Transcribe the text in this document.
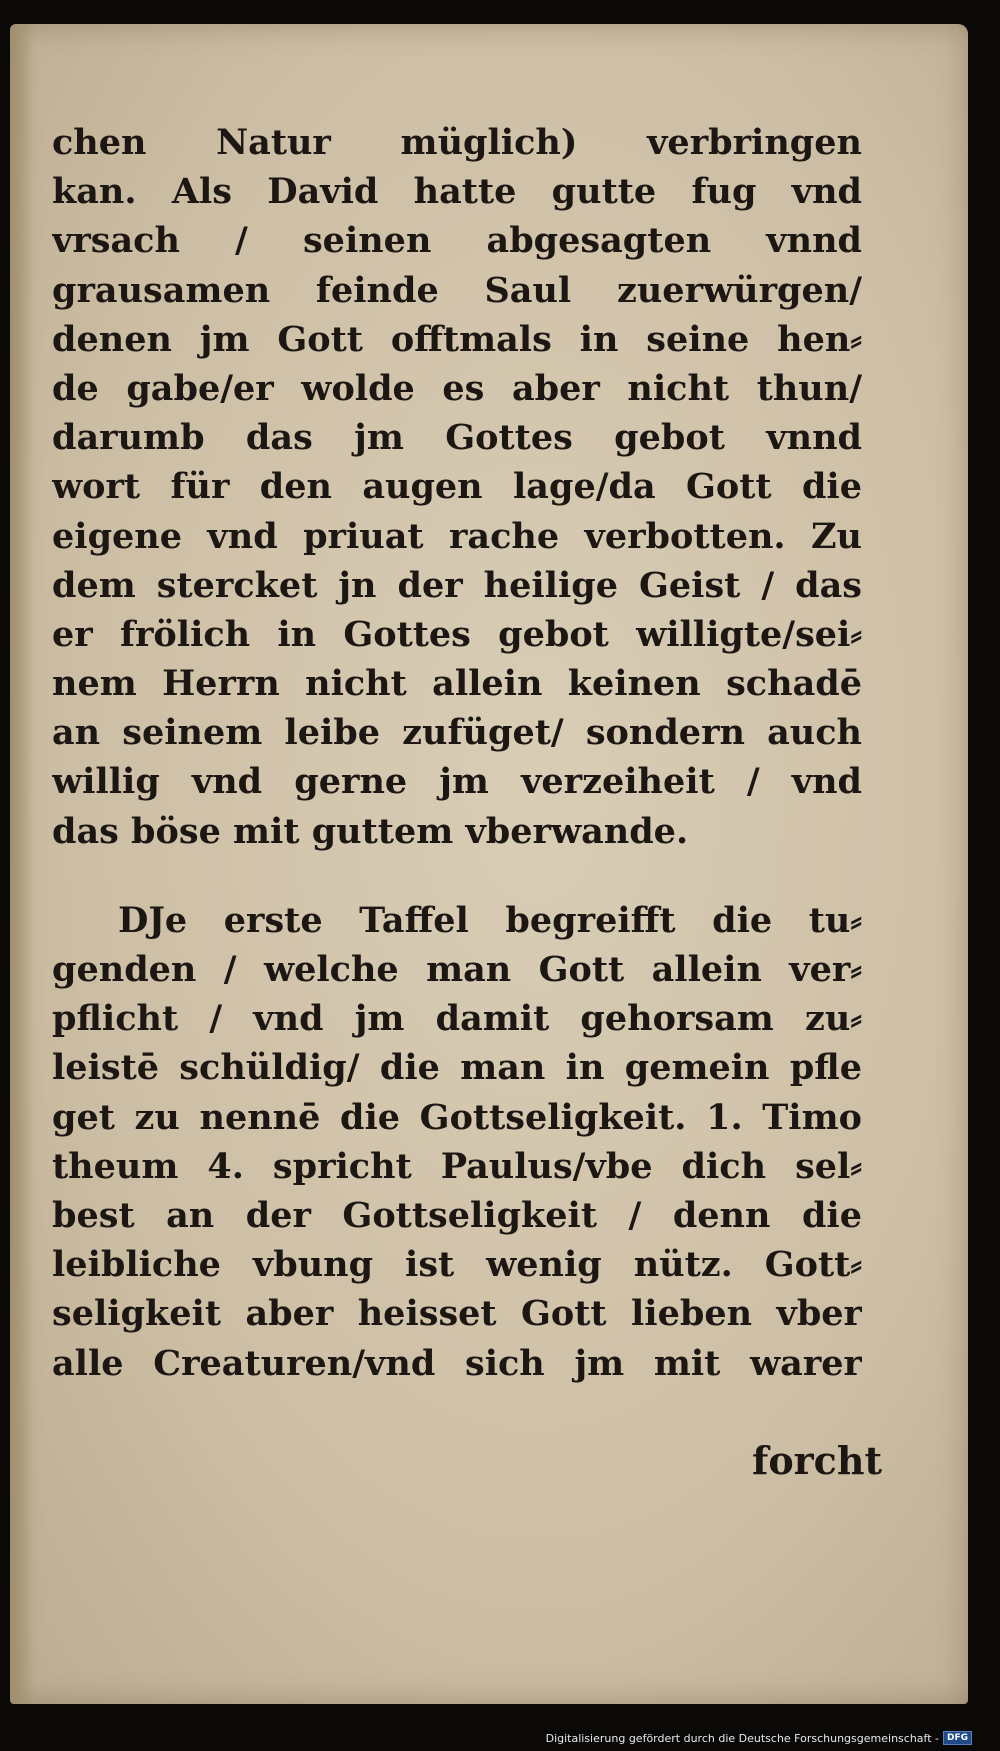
chen Natur müglich) verbringen
kan. Als David hatte gutte fug vnd
vrsach / seinen abgesagten vnnd
grausamen feinde Saul zuerwürgen/
denen jm Gott offtmals in seine hen⸗
de gabe/er wolde es aber nicht thun/
darumb das jm Gottes gebot vnnd
wort für den augen lage/da Gott die
eigene vnd priuat rache verbotten. Zu
dem stercket jn der heilige Geist / das
er frölich in Gottes gebot willigte/sei⸗
nem Herrn nicht allein keinen schadē
an seinem leibe zufüget/ sondern auch
willig vnd gerne jm verzeiheit / vnd
das böse mit guttem vberwande.
DJe erste Taffel begreifft die tu⸗
genden / welche man Gott allein ver⸗
pflicht / vnd jm damit gehorsam zu⸗
leistē schüldig/ die man in gemein pfle
get zu nennē die Gottseligkeit. 1. Timo
theum 4. spricht Paulus/vbe dich sel⸗
best an der Gottseligkeit / denn die
leibliche vbung ist wenig nütz. Gott⸗
seligkeit aber heisset Gott lieben vber
alle Creaturen/vnd sich jm mit warer
forcht
Digitalisierung gefördert durch die Deutsche Forschungsgemeinschaft - DFG
